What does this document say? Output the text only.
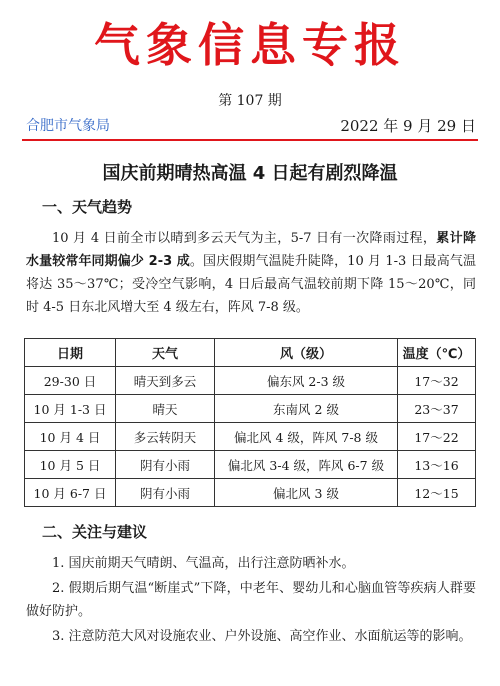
气象信息专报
第 107 期
合肥市气象局	2022 年 9 月 29 日
国庆前期晴热高温 4 日起有剧烈降温
一、天气趋势
10 月 4 日前全市以晴到多云天气为主，5-7 日有一次降雨过程，累计降水量较常年同期偏少 2-3 成。国庆假期气温陡升陡降，10 月 1-3 日最高气温将达 35～37℃；受冷空气影响，4 日后最高气温较前期下降 15～20℃，同时 4-5 日东北风增大至 4 级左右，阵风 7-8 级。
日期	天气	风（级）	温度（℃）
29-30 日	晴天到多云	偏东风 2-3 级	17～32
10 月 1-3 日	晴天	东南风 2 级	23～37
10 月 4 日	多云转阴天	偏北风 4 级，阵风 7-8 级	17～22
10 月 5 日	阴有小雨	偏北风 3-4 级，阵风 6-7 级	13～16
10 月 6-7 日	阴有小雨	偏北风 3 级	12～15
二、关注与建议
1. 国庆前期天气晴朗、气温高，出行注意防晒补水。
2. 假期后期气温“断崖式”下降，中老年、婴幼儿和心脑血管等疾病人群要做好防护。
3. 注意防范大风对设施农业、户外设施、高空作业、水面航运等的影响。
